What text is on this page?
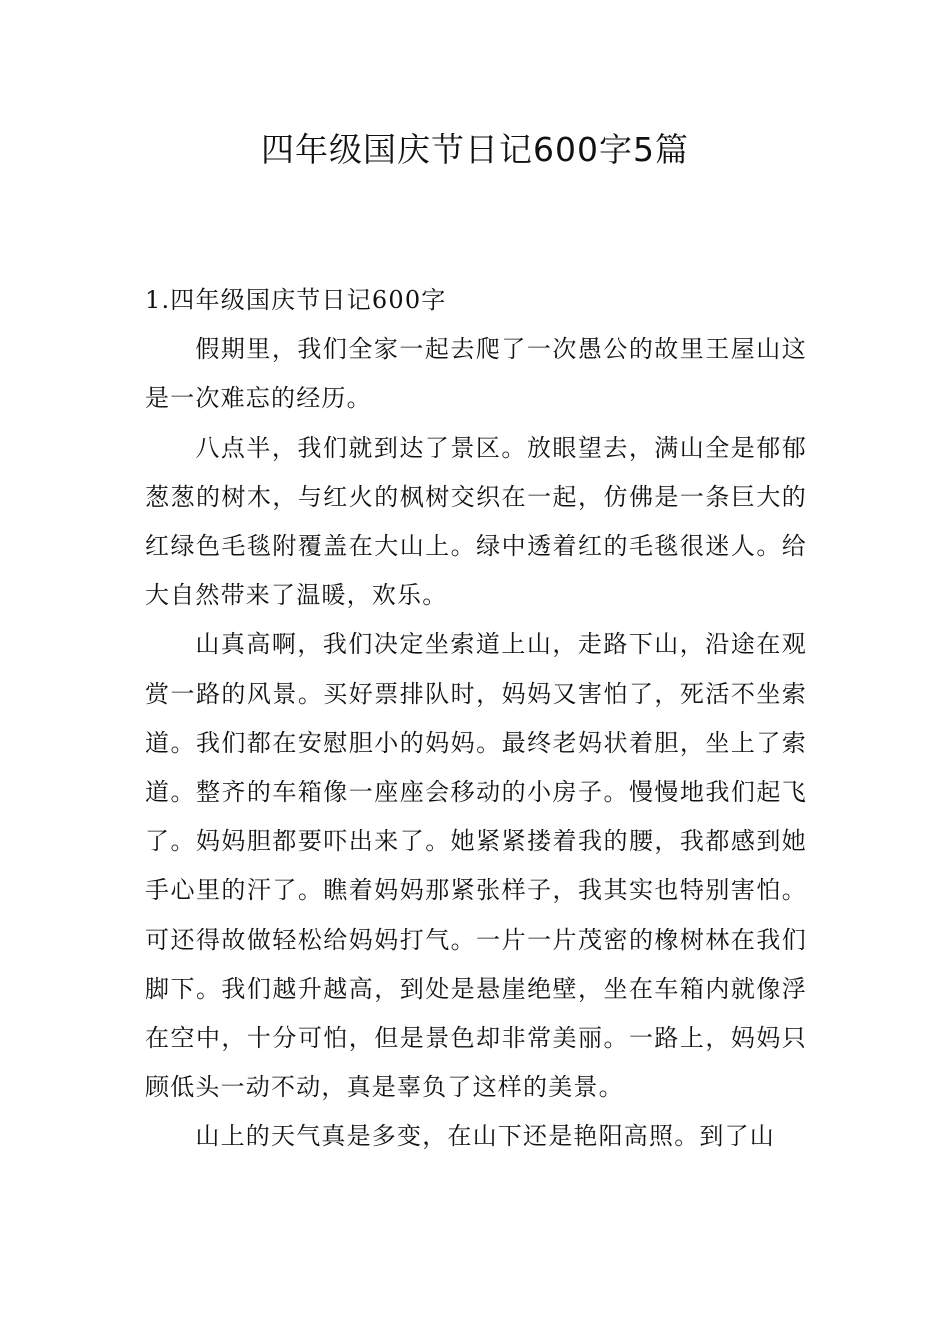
四年级国庆节日记600字5篇

1.四年级国庆节日记600字

假期里，我们全家一起去爬了一次愚公的故里王屋山这是一次难忘的经历。

八点半，我们就到达了景区。放眼望去，满山全是郁郁葱葱的树木，与红火的枫树交织在一起，仿佛是一条巨大的红绿色毛毯附覆盖在大山上。绿中透着红的毛毯很迷人。给大自然带来了温暖，欢乐。

山真高啊，我们决定坐索道上山，走路下山，沿途在观赏一路的风景。买好票排队时，妈妈又害怕了，死活不坐索道。我们都在安慰胆小的妈妈。最终老妈状着胆，坐上了索道。整齐的车箱像一座座会移动的小房子。慢慢地我们起飞了。妈妈胆都要吓出来了。她紧紧搂着我的腰，我都感到她手心里的汗了。瞧着妈妈那紧张样子，我其实也特别害怕。可还得故做轻松给妈妈打气。一片一片茂密的橡树林在我们脚下。我们越升越高，到处是悬崖绝壁，坐在车箱内就像浮在空中，十分可怕，但是景色却非常美丽。一路上，妈妈只顾低头一动不动，真是辜负了这样的美景。

山上的天气真是多变，在山下还是艳阳高照。到了山
